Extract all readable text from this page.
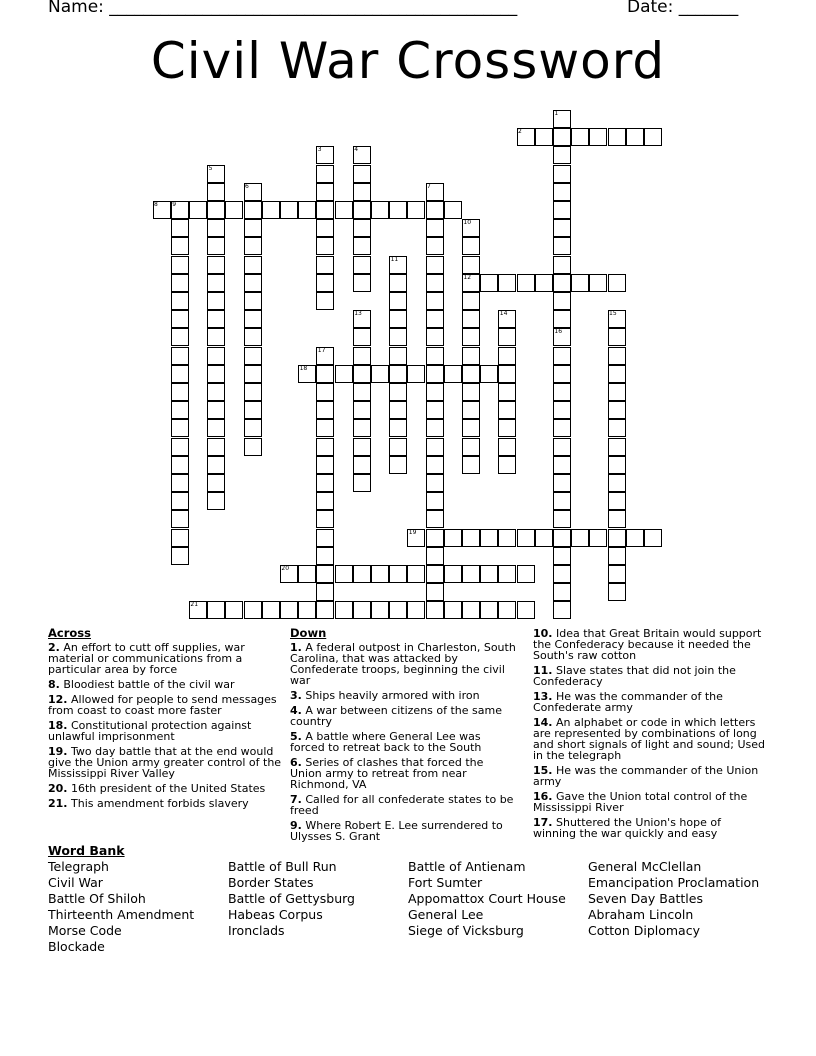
Name: ________________________________________________	Date: _______
Civil War Crossword
1
2
3	4
5
6	7
8 9
10
11
12
13	14	15
16
17
18
19
20
21
Across
2. An effort to cutt off supplies, war material or communications from a particular area by force
8. Bloodiest battle of the civil war
12. Allowed for people to send messages from coast to coast more faster
18. Constitutional protection against unlawful imprisonment
19. Two day battle that at the end would give the Union army greater control of the Mississippi River Valley
20. 16th president of the United States
21. This amendment forbids slavery
Down
1. A federal outpost in Charleston, South Carolina, that was attacked by Confederate troops, beginning the civil war
3. Ships heavily armored with iron
4. A war between citizens of the same country
5. A battle where General Lee was forced to retreat back to the South
6. Series of clashes that forced the Union army to retreat from near Richmond, VA
7. Called for all confederate states to be freed
9. Where Robert E. Lee surrendered to Ulysses S. Grant
10. Idea that Great Britain would support the Confederacy because it needed the South's raw cotton
11. Slave states that did not join the Confederacy
13. He was the commander of the Confederate army
14. An alphabet or code in which letters are represented by combinations of long and short signals of light and sound; Used in the telegraph
15. He was the commander of the Union army
16. Gave the Union total control of the Mississippi River
17. Shuttered the Union's hope of winning the war quickly and easy
Word Bank
Telegraph
Civil War
Battle Of Shiloh
Thirteenth Amendment
Morse Code
Blockade
Battle of Bull Run
Border States
Battle of Gettysburg
Habeas Corpus
Ironclads
Battle of Antienam
Fort Sumter
Appomattox Court House
General Lee
Siege of Vicksburg
General McClellan
Emancipation Proclamation
Seven Day Battles
Abraham Lincoln
Cotton Diplomacy
